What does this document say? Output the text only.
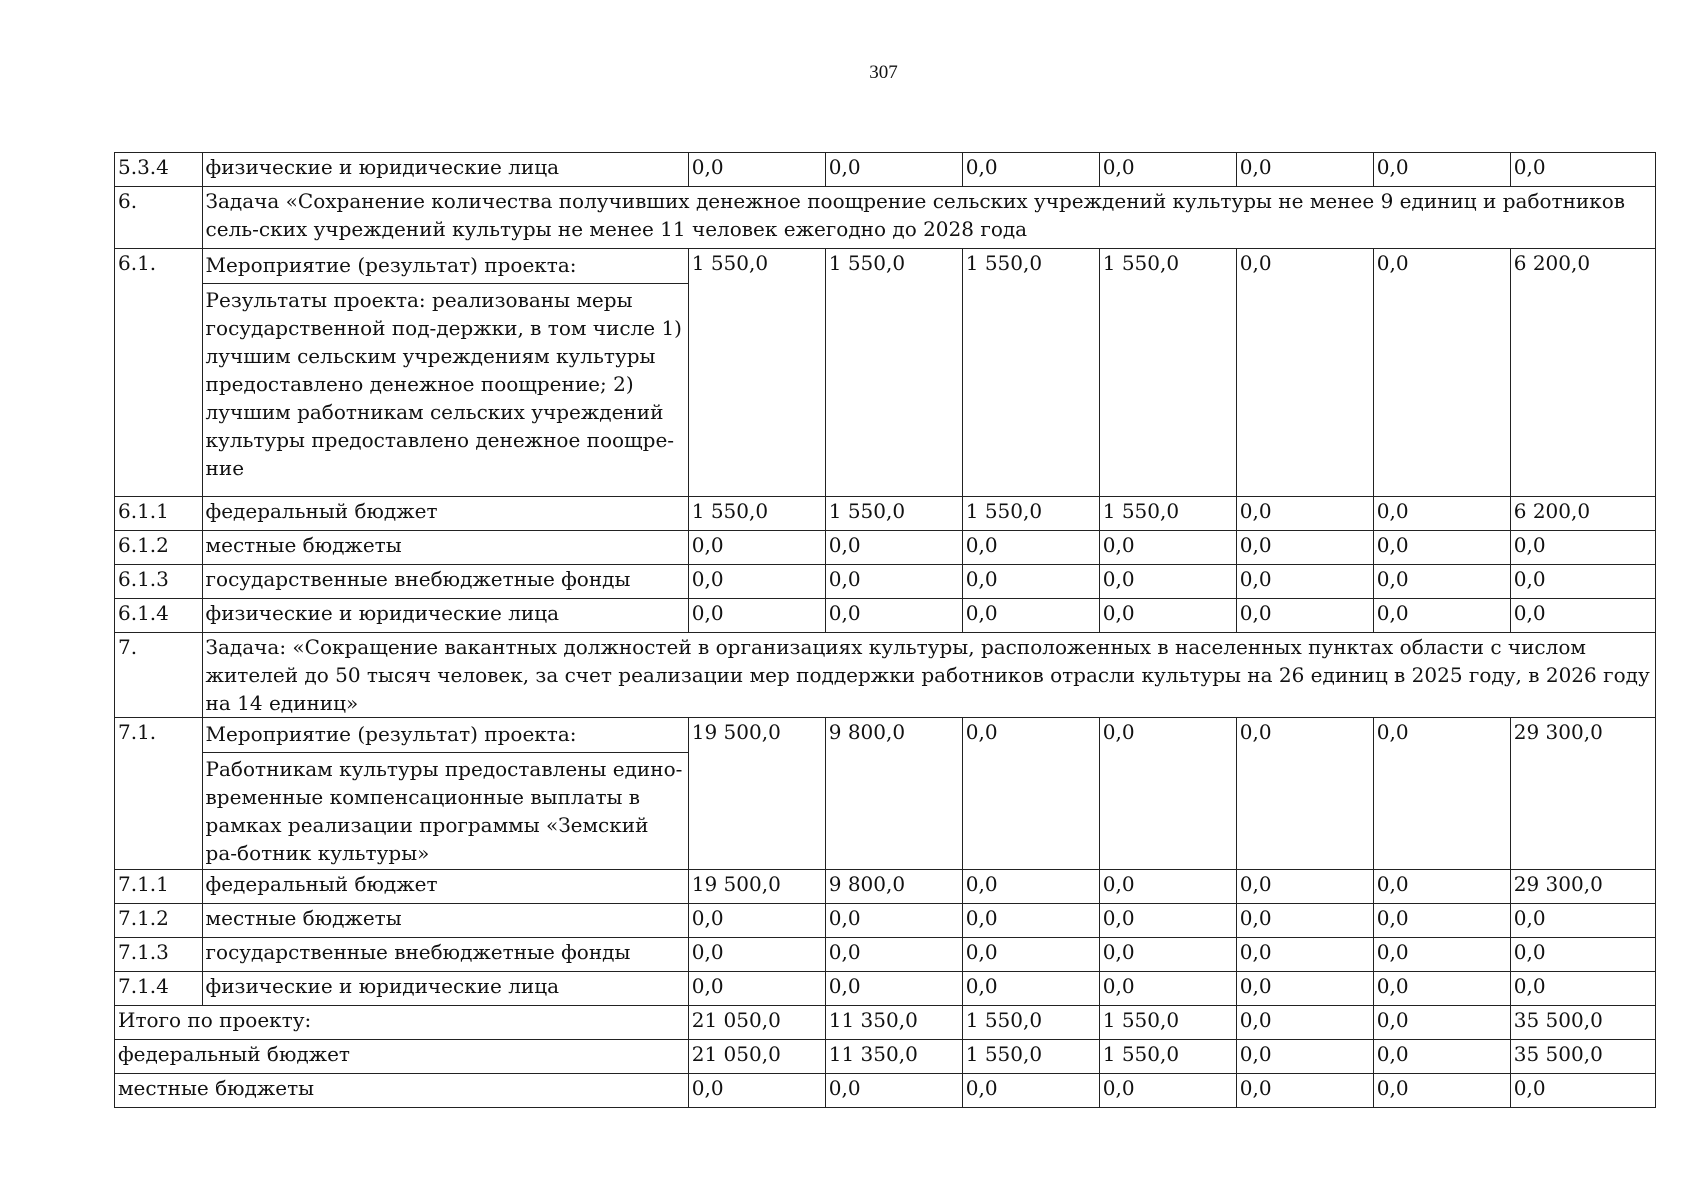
307
5.3.4	физические и юридические лица	0,0	0,0	0,0	0,0	0,0	0,0	0,0
6.	Задача «Сохранение количества получивших денежное поощрение сельских учреждений культуры не менее 9 единиц и работников сель-ских учреждений культуры не менее 11 человек ежегодно до 2028 года							
6.1.	Мероприятие (результат) проекта:
Результаты проекта: реализованы меры государственной под-держки, в том числе 1) лучшим сельским учреждениям культуры предоставлено денежное поощрение; 2) лучшим работникам сельских учреждений культуры предоставлено денежное поощре-ние	1 550,0	1 550,0	1 550,0	1 550,0	0,0	0,0	6 200,0
6.1.1	федеральный бюджет	1 550,0	1 550,0	1 550,0	1 550,0	0,0	0,0	6 200,0
6.1.2	местные бюджеты	0,0	0,0	0,0	0,0	0,0	0,0	0,0
6.1.3	государственные внебюджетные фонды	0,0	0,0	0,0	0,0	0,0	0,0	0,0
6.1.4	физические и юридические лица	0,0	0,0	0,0	0,0	0,0	0,0	0,0
7.	Задача: «Сокращение вакантных должностей в организациях культуры, расположенных в населенных пунктах области с числом жителей до 50 тысяч человек, за счет реализации мер поддержки работников отрасли культуры на 26 единиц в 2025 году, в 2026 году на 14 единиц»							
7.1.	Мероприятие (результат) проекта:
Работникам культуры предоставлены едино-временные компенсационные выплаты в рамках реализации программы «Земский ра-ботник культуры»	19 500,0	9 800,0	0,0	0,0	0,0	0,0	29 300,0
7.1.1	федеральный бюджет	19 500,0	9 800,0	0,0	0,0	0,0	0,0	29 300,0
7.1.2	местные бюджеты	0,0	0,0	0,0	0,0	0,0	0,0	0,0
7.1.3	государственные внебюджетные фонды	0,0	0,0	0,0	0,0	0,0	0,0	0,0
7.1.4	физические и юридические лица	0,0	0,0	0,0	0,0	0,0	0,0	0,0
Итого по проекту:		21 050,0	11 350,0	1 550,0	1 550,0	0,0	0,0	35 500,0
федеральный бюджет		21 050,0	11 350,0	1 550,0	1 550,0	0,0	0,0	35 500,0
местные бюджеты		0,0	0,0	0,0	0,0	0,0	0,0	0,0
